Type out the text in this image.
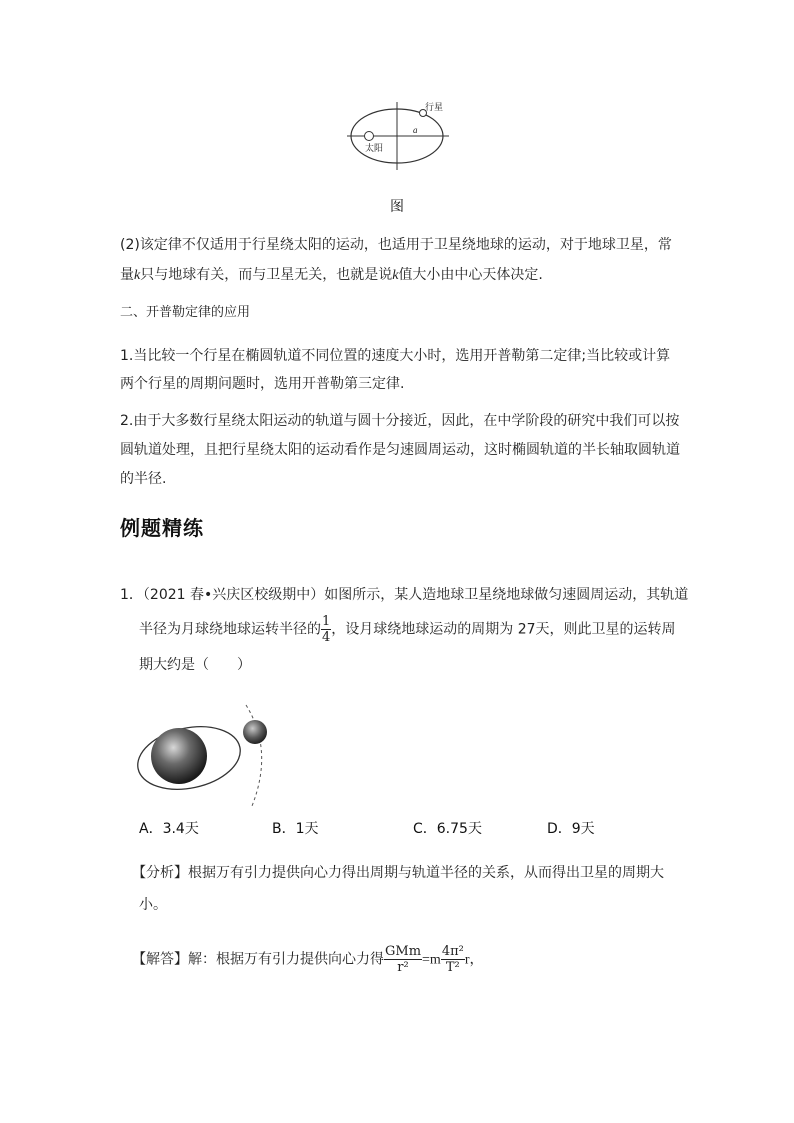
行星
太阳
a
图
(2)该定律不仅适用于行星绕太阳的运动，也适用于卫星绕地球的运动，对于地球卫星，常
量k只与地球有关，而与卫星无关，也就是说k值大小由中心天体决定.
二、开普勒定律的应用
1.当比较一个行星在椭圆轨道不同位置的速度大小时，选用开普勒第二定律;当比较或计算
两个行星的周期问题时，选用开普勒第三定律.
2.由于大多数行星绕太阳运动的轨道与圆十分接近，因此，在中学阶段的研究中我们可以按
圆轨道处理，且把行星绕太阳的运动看作是匀速圆周运动，这时椭圆轨道的半长轴取圆轨道
的半径.
例题精练
1．（2021 春•兴庆区校级期中）如图所示，某人造地球卫星绕地球做匀速圆周运动，其轨道
半径为月球绕地球运转半径的 $\frac{1}{4}$ ，设月球绕地球运动的周期为 27天，则此卫星的运转周
期大约是（　　）
A．3.4天	B．1天	C．6.75天	D．9天
【分析】根据万有引力提供向心力得出周期与轨道半径的关系，从而得出卫星的周期大
小。
【解答】解：根据万有引力提供向心力得 $\frac{\text{GMm}}{\text{r²}} =m \frac{\text{4π²}}{\text{T²}}$ r，
